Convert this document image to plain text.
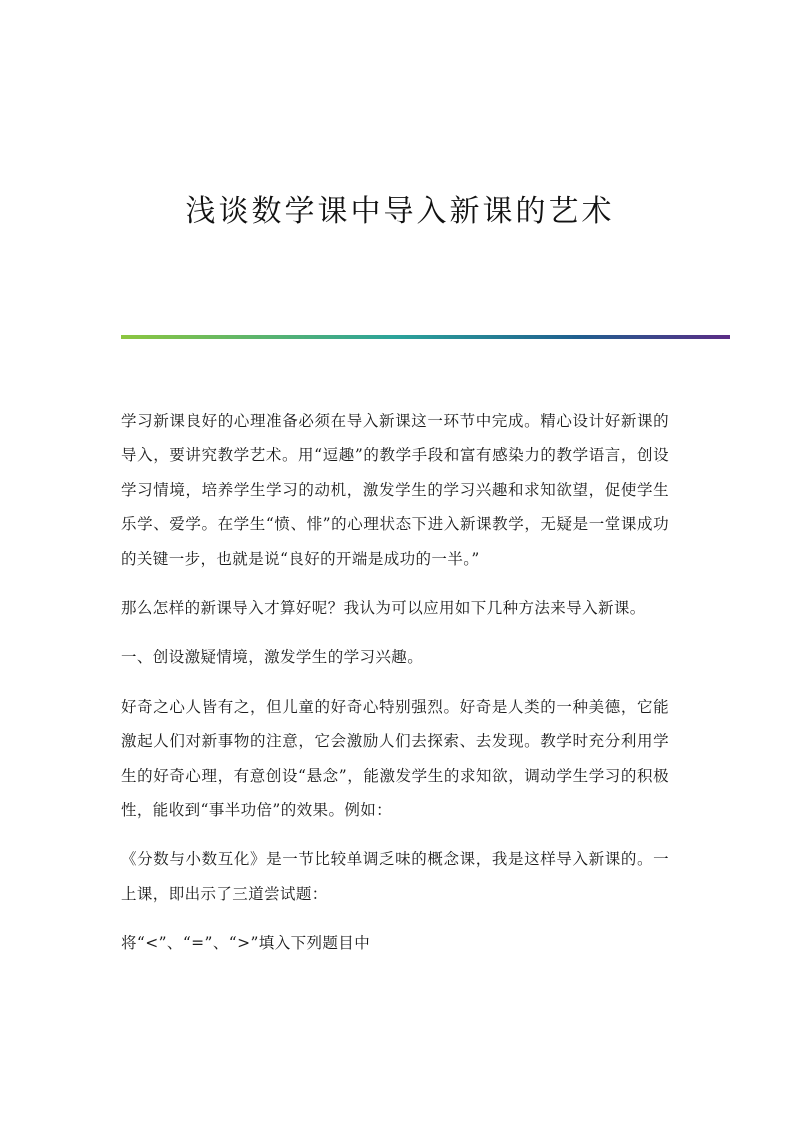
浅谈数学课中导入新课的艺术

学习新课良好的心理准备必须在导入新课这一环节中完成。精心设计好新课的导入，要讲究教学艺术。用“逗趣”的教学手段和富有感染力的教学语言，创设学习情境，培养学生学习的动机，激发学生的学习兴趣和求知欲望，促使学生乐学、爱学。在学生“愤、悱”的心理状态下进入新课教学，无疑是一堂课成功的关键一步，也就是说“良好的开端是成功的一半。”

那么怎样的新课导入才算好呢？我认为可以应用如下几种方法来导入新课。

一、创设激疑情境，激发学生的学习兴趣。

好奇之心人皆有之，但儿童的好奇心特别强烈。好奇是人类的一种美德，它能激起人们对新事物的注意，它会激励人们去探索、去发现。教学时充分利用学生的好奇心理，有意创设“悬念”，能激发学生的求知欲，调动学生学习的积极性，能收到“事半功倍”的效果。例如：

《分数与小数互化》是一节比较单调乏味的概念课，我是这样导入新课的。一上课，即出示了三道尝试题：

将“<”、“=”、“>”填入下列题目中
